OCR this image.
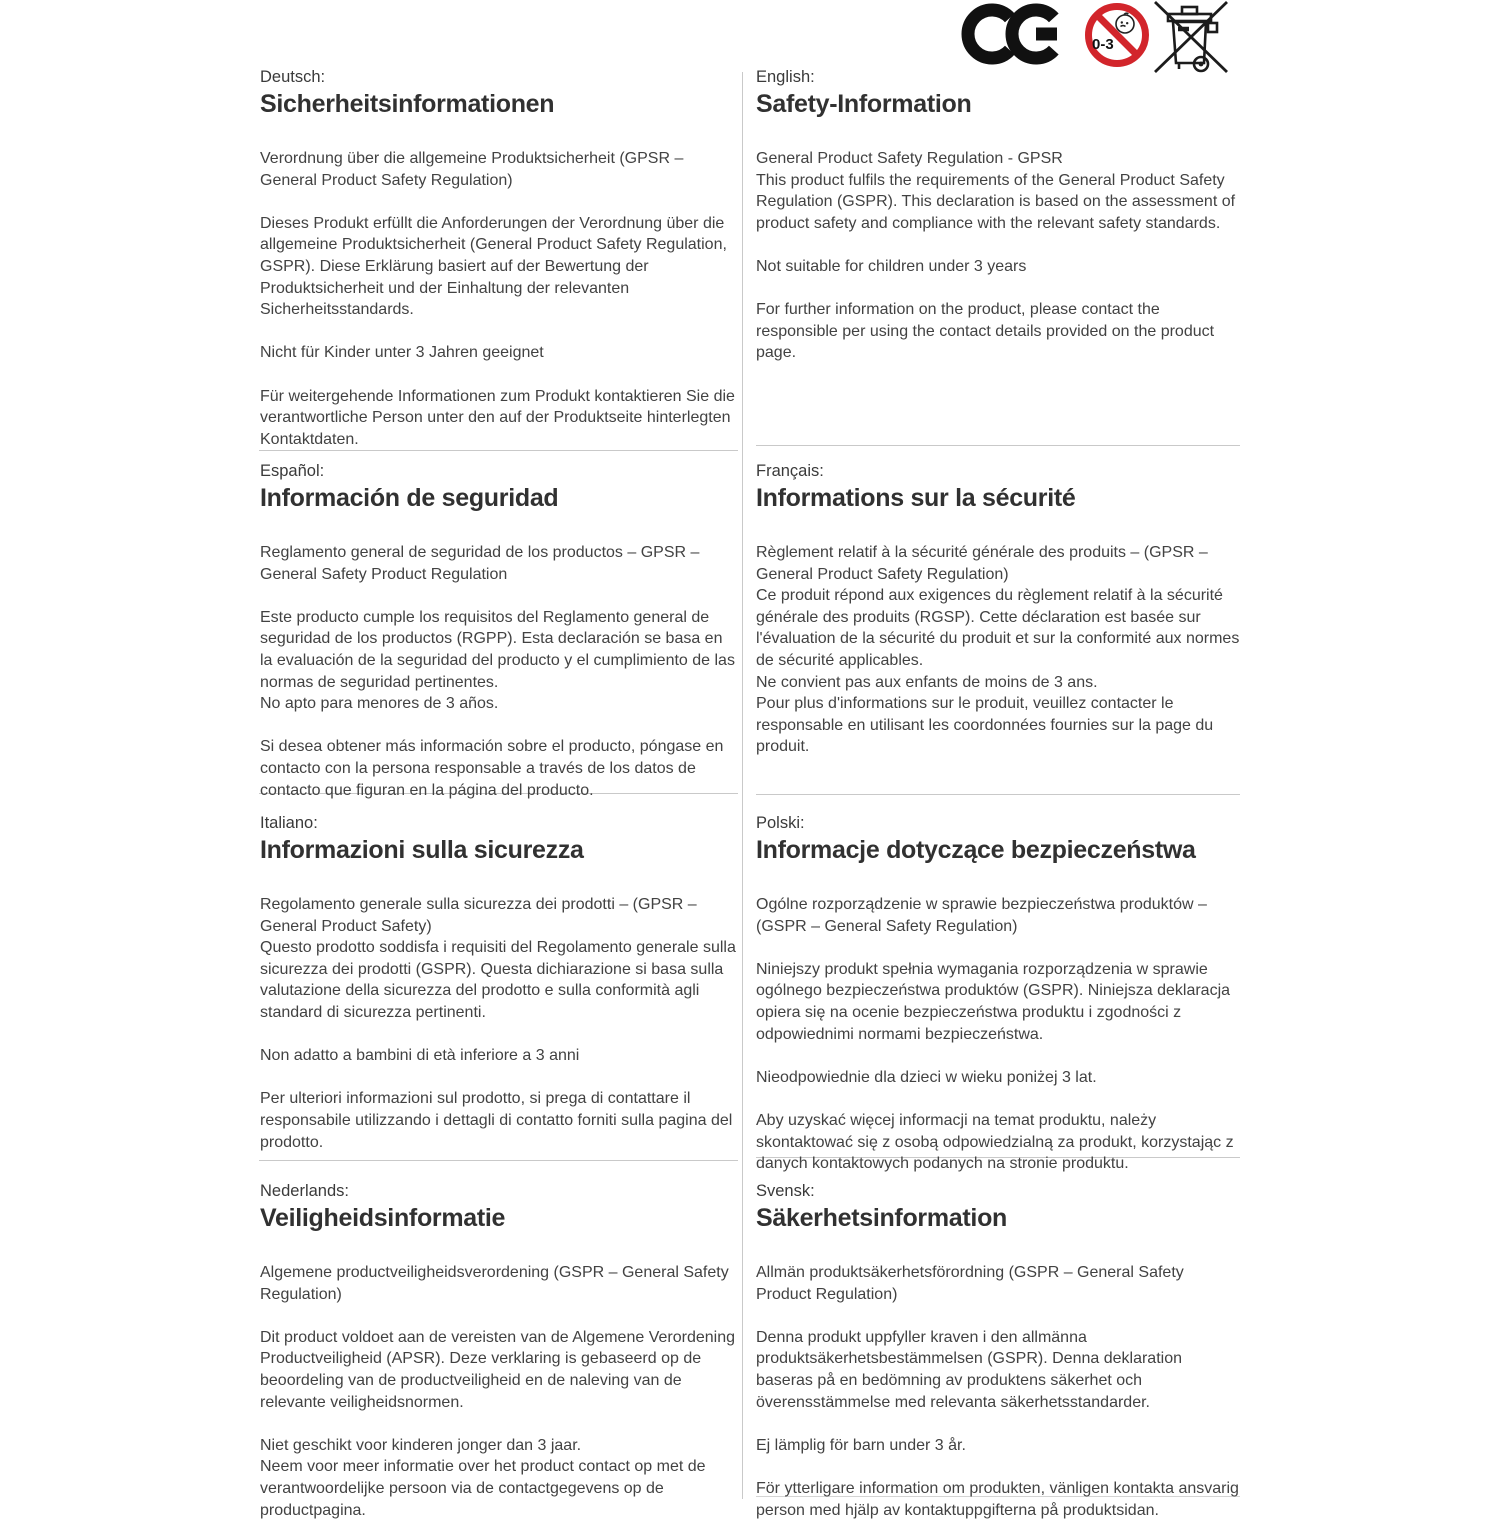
0-3

Deutsch:

Sicherheitsinformationen
Verordnung über die allgemeine Produktsicherheit (GPSR – General Product Safety Regulation)

Dieses Produkt erfüllt die Anforderungen der Verordnung über die allgemeine Produktsicherheit (General Product Safety Regulation, GSPR). Diese Erklärung basiert auf der Bewertung der Produktsicherheit und der Einhaltung der relevanten Sicherheitsstandards.

Nicht für Kinder unter 3 Jahren geeignet

Für weitergehende Informationen zum Produkt kontaktieren Sie die verantwortliche Person unter den auf der Produktseite hinterlegten Kontaktdaten.

English:

Safety-Information
General Product Safety Regulation - GPSR
This product fulfils the requirements of the General Product Safety Regulation (GSPR). This declaration is based on the assessment of product safety and compliance with the relevant safety standards.

Not suitable for children under 3 years

For further information on the product, please contact the responsible per using the contact details provided on the product page.

Español:

Información de seguridad
Reglamento general de seguridad de los productos – GPSR – General Safety Product Regulation

Este producto cumple los requisitos del Reglamento general de seguridad de los productos (RGPP). Esta declaración se basa en la evaluación de la seguridad del producto y el cumplimiento de las normas de seguridad pertinentes.
No apto para menores de 3 años.

Si desea obtener más información sobre el producto, póngase en contacto con la persona responsable a través de los datos de contacto que figuran en la página del producto.

Français:

Informations sur la sécurité
Règlement relatif à la sécurité générale des produits – (GPSR – General Product Safety Regulation)
Ce produit répond aux exigences du règlement relatif à la sécurité générale des produits (RGSP). Cette déclaration est basée sur l'évaluation de la sécurité du produit et sur la conformité aux normes de sécurité applicables.
Ne convient pas aux enfants de moins de 3 ans.
Pour plus d'informations sur le produit, veuillez contacter le responsable en utilisant les coordonnées fournies sur la page du produit.

Italiano:

Informazioni sulla sicurezza
Regolamento generale sulla sicurezza dei prodotti – (GPSR – General Product Safety)
Questo prodotto soddisfa i requisiti del Regolamento generale sulla sicurezza dei prodotti (GSPR). Questa dichiarazione si basa sulla valutazione della sicurezza del prodotto e sulla conformità agli standard di sicurezza pertinenti.

Non adatto a bambini di età inferiore a 3 anni

Per ulteriori informazioni sul prodotto, si prega di contattare il responsabile utilizzando i dettagli di contatto forniti sulla pagina del prodotto.

Polski:

Informacje dotyczące bezpieczeństwa
Ogólne rozporządzenie w sprawie bezpieczeństwa produktów – (GSPR – General Safety Regulation)

Niniejszy produkt spełnia wymagania rozporządzenia w sprawie ogólnego bezpieczeństwa produktów (GSPR). Niniejsza deklaracja opiera się na ocenie bezpieczeństwa produktu i zgodności z odpowiednimi normami bezpieczeństwa.

Nieodpowiednie dla dzieci w wieku poniżej 3 lat.

Aby uzyskać więcej informacji na temat produktu, należy skontaktować się z osobą odpowiedzialną za produkt, korzystając z danych kontaktowych podanych na stronie produktu.

Nederlands:

Veiligheidsinformatie
Algemene productveiligheidsverordening (GSPR – General Safety Regulation)

Dit product voldoet aan de vereisten van de Algemene Verordening Productveiligheid (APSR). Deze verklaring is gebaseerd op de beoordeling van de productveiligheid en de naleving van de relevante veiligheidsnormen.

Niet geschikt voor kinderen jonger dan 3 jaar.
Neem voor meer informatie over het product contact op met de verantwoordelijke persoon via de contactgegevens op de productpagina.

Svensk:

Säkerhetsinformation
Allmän produktsäkerhetsförordning (GSPR – General Safety Product Regulation)

Denna produkt uppfyller kraven i den allmänna produktsäkerhetsbestämmelsen (GSPR). Denna deklaration baseras på en bedömning av produktens säkerhet och överensstämmelse med relevanta säkerhetsstandarder.

Ej lämplig för barn under 3 år.

För ytterligare information om produkten, vänligen kontakta ansvarig person med hjälp av kontaktuppgifterna på produktsidan.
